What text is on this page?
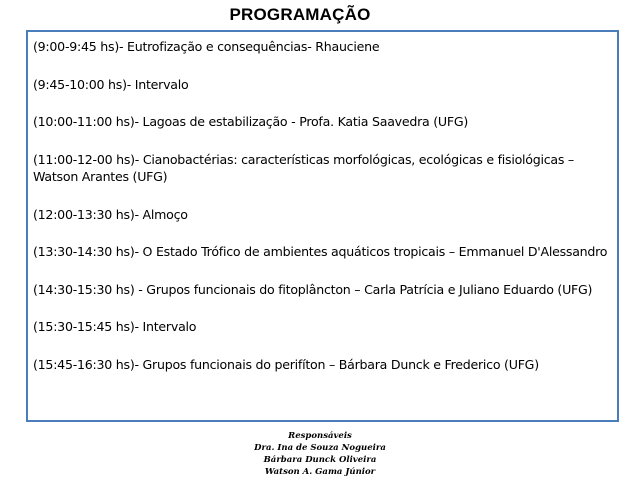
PROGRAMAÇÃO
(9:00-9:45 hs)- Eutrofização e consequências- Rhauciene
(9:45-10:00 hs)- Intervalo
(10:00-11:00 hs)- Lagoas de estabilização - Profa. Katia Saavedra (UFG)
(11:00-12-00 hs)- Cianobactérias: características morfológicas, ecológicas e fisiológicas – Watson Arantes (UFG)
(12:00-13:30 hs)- Almoço
(13:30-14:30 hs)- O Estado Trófico de ambientes aquáticos tropicais – Emmanuel D'Alessandro
(14:30-15:30 hs) - Grupos funcionais do fitoplâncton – Carla Patrícia e Juliano Eduardo (UFG)
(15:30-15:45 hs)- Intervalo
(15:45-16:30 hs)- Grupos funcionais do perifíton – Bárbara Dunck e Frederico (UFG)
Responsáveis
Dra. Ina de Souza Nogueira
Bárbara Dunck Oliveira
Watson A. Gama Júnior
